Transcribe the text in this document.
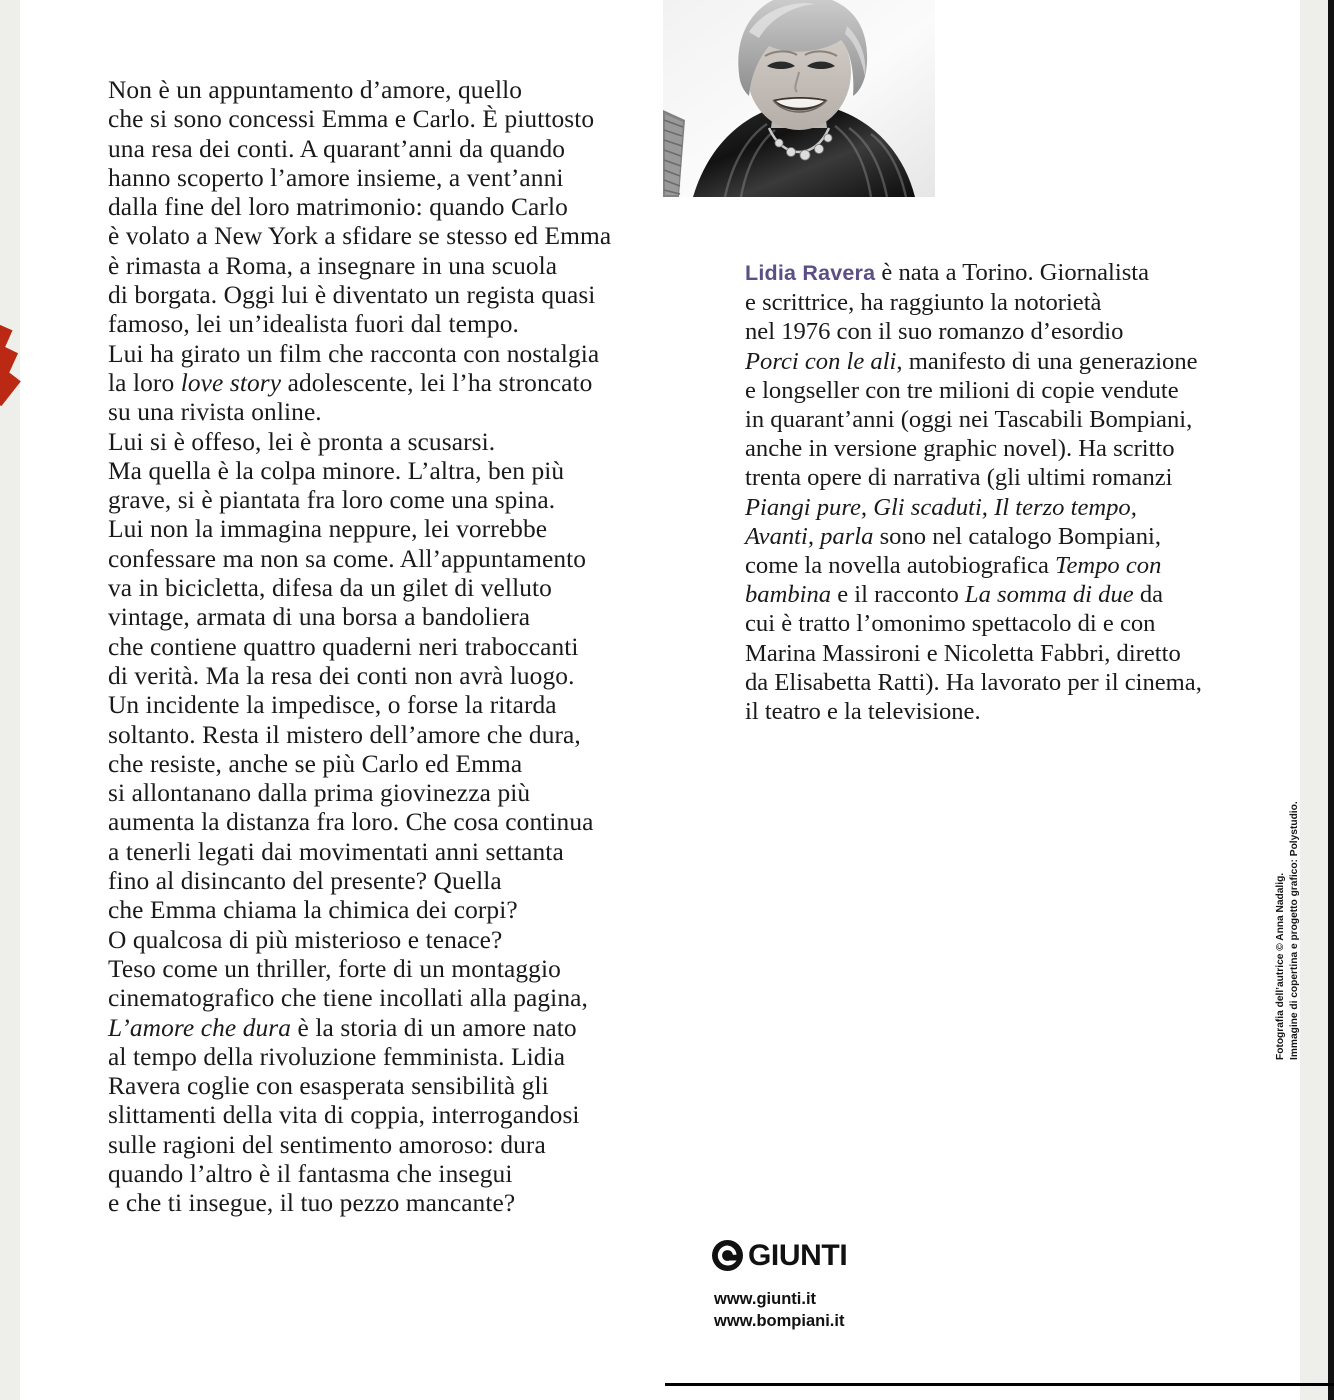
Non è un appuntamento d’amore, quello
che si sono concessi Emma e Carlo. È piuttosto
una resa dei conti. A quarant’anni da quando
hanno scoperto l’amore insieme, a vent’anni
dalla fine del loro matrimonio: quando Carlo
è volato a New York a sfidare se stesso ed Emma
è rimasta a Roma, a insegnare in una scuola
di borgata. Oggi lui è diventato un regista quasi
famoso, lei un’idealista fuori dal tempo.
Lui ha girato un film che racconta con nostalgia
la loro love story adolescente, lei l’ha stroncato
su una rivista online.
Lui si è offeso, lei è pronta a scusarsi.
Ma quella è la colpa minore. L’altra, ben più
grave, si è piantata fra loro come una spina.
Lui non la immagina neppure, lei vorrebbe
confessare ma non sa come. All’appuntamento
va in bicicletta, difesa da un gilet di velluto
vintage, armata di una borsa a bandoliera
che contiene quattro quaderni neri traboccanti
di verità. Ma la resa dei conti non avrà luogo.
Un incidente la impedisce, o forse la ritarda
soltanto. Resta il mistero dell’amore che dura,
che resiste, anche se più Carlo ed Emma
si allontanano dalla prima giovinezza più
aumenta la distanza fra loro. Che cosa continua
a tenerli legati dai movimentati anni settanta
fino al disincanto del presente? Quella
che Emma chiama la chimica dei corpi?
O qualcosa di più misterioso e tenace?
Teso come un thriller, forte di un montaggio
cinematografico che tiene incollati alla pagina,
L’amore che dura è la storia di un amore nato
al tempo della rivoluzione femminista. Lidia
Ravera coglie con esasperata sensibilità gli
slittamenti della vita di coppia, interrogandosi
sulle ragioni del sentimento amoroso: dura
quando l’altro è il fantasma che insegui
e che ti insegue, il tuo pezzo mancante?
Lidia Ravera è nata a Torino. Giornalista
e scrittrice, ha raggiunto la notorietà
nel 1976 con il suo romanzo d’esordio
Porci con le ali, manifesto di una generazione
e longseller con tre milioni di copie vendute
in quarant’anni (oggi nei Tascabili Bompiani,
anche in versione graphic novel). Ha scritto
trenta opere di narrativa (gli ultimi romanzi
Piangi pure, Gli scaduti, Il terzo tempo,
Avanti, parla sono nel catalogo Bompiani,
come la novella autobiografica Tempo con
bambina e il racconto La somma di due da
cui è tratto l’omonimo spettacolo di e con
Marina Massironi e Nicoletta Fabbri, diretto
da Elisabetta Ratti). Ha lavorato per il cinema,
il teatro e la televisione.
GIUNTI
www.giunti.it
www.bompiani.it
Fotografia dell’autrice © Anna Nadalig. Immagine di copertina e progetto grafico: Polystudio.
